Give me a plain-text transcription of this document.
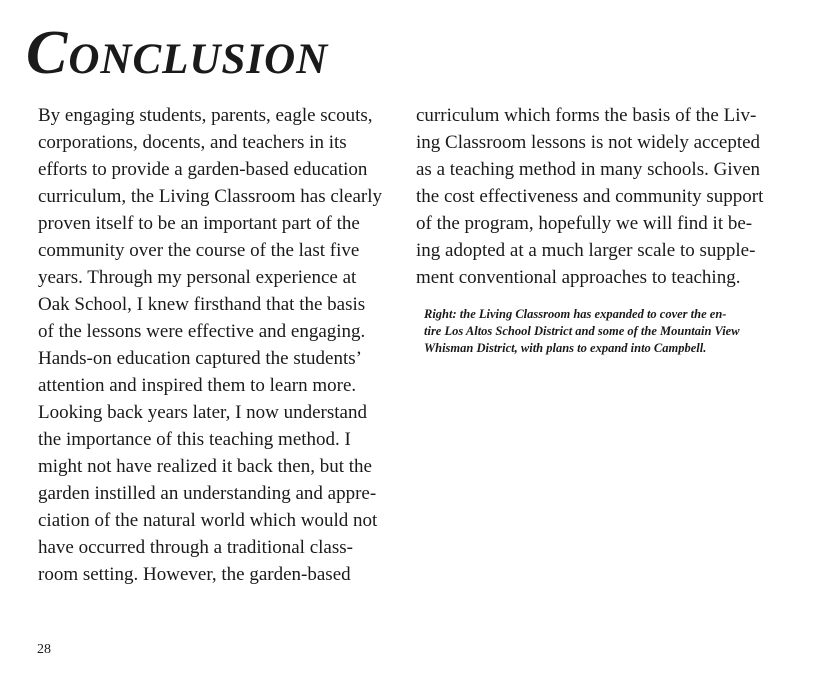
Conclusion
By engaging students, parents, eagle scouts,
corporations, docents, and teachers in its
efforts to provide a garden-based education
curriculum, the Living Classroom has clearly
proven itself to be an important part of the
community over the course of the last five
years. Through my personal experience at
Oak School, I knew firsthand that the basis
of the lessons were effective and engaging.
Hands-on education captured the students’
attention and inspired them to learn more.
Looking back years later, I now understand
the importance of this teaching method. I
might not have realized it back then, but the
garden instilled an understanding and appre-
ciation of the natural world which would not
have occurred through a traditional class-
room setting. However, the garden-based
curriculum which forms the basis of the Liv-
ing Classroom lessons is not widely accepted
as a teaching method in many schools. Given
the cost effectiveness and community support
of the program, hopefully we will find it be-
ing adopted at a much larger scale to supple-
ment conventional approaches to teaching.
Right: the Living Classroom has expanded to cover the en-
tire Los Altos School District and some of the Mountain View
Whisman District, with plans to expand into Campbell.
28
